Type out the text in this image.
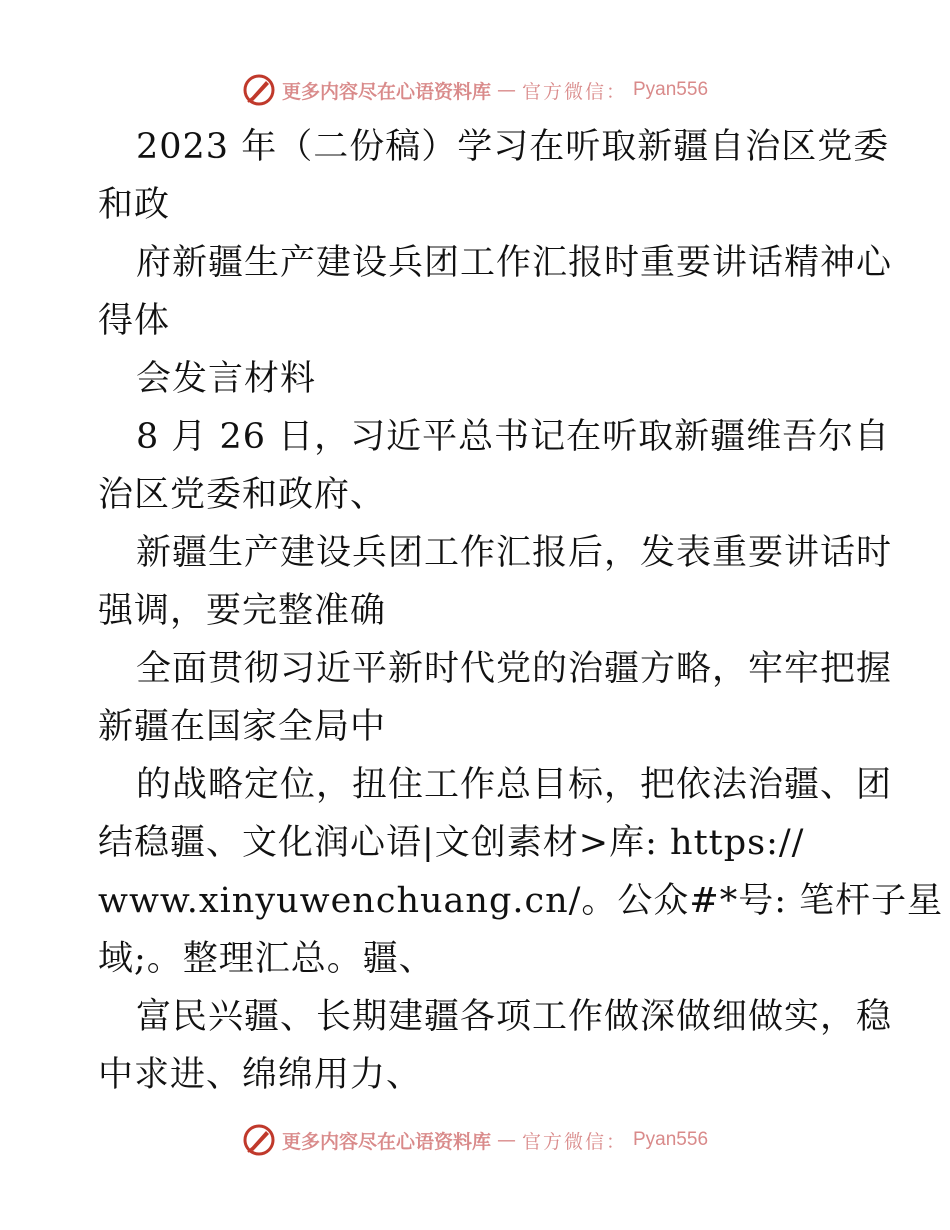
更多内容尽在心语资料库 — 官方微信： Pyan556
2023 年（二份稿）学习在听取新疆自治区党委
和政
府新疆生产建设兵团工作汇报时重要讲话精神心
得体
会发言材料
8 月 26 日，习近平总书记在听取新疆维吾尔自
治区党委和政府、
新疆生产建设兵团工作汇报后，发表重要讲话时
强调，要完整准确
全面贯彻习近平新时代党的治疆方略，牢牢把握
新疆在国家全局中
的战略定位，扭住工作总目标，把依法治疆、团
结稳疆、文化润心语|文创素材>库: https://
www.xinyuwenchuang.cn/。公众#*号: 笔杆子星
域;。整理汇总。疆、
富民兴疆、长期建疆各项工作做深做细做实，稳
中求进、绵绵用力、
更多内容尽在心语资料库 — 官方微信： Pyan556
